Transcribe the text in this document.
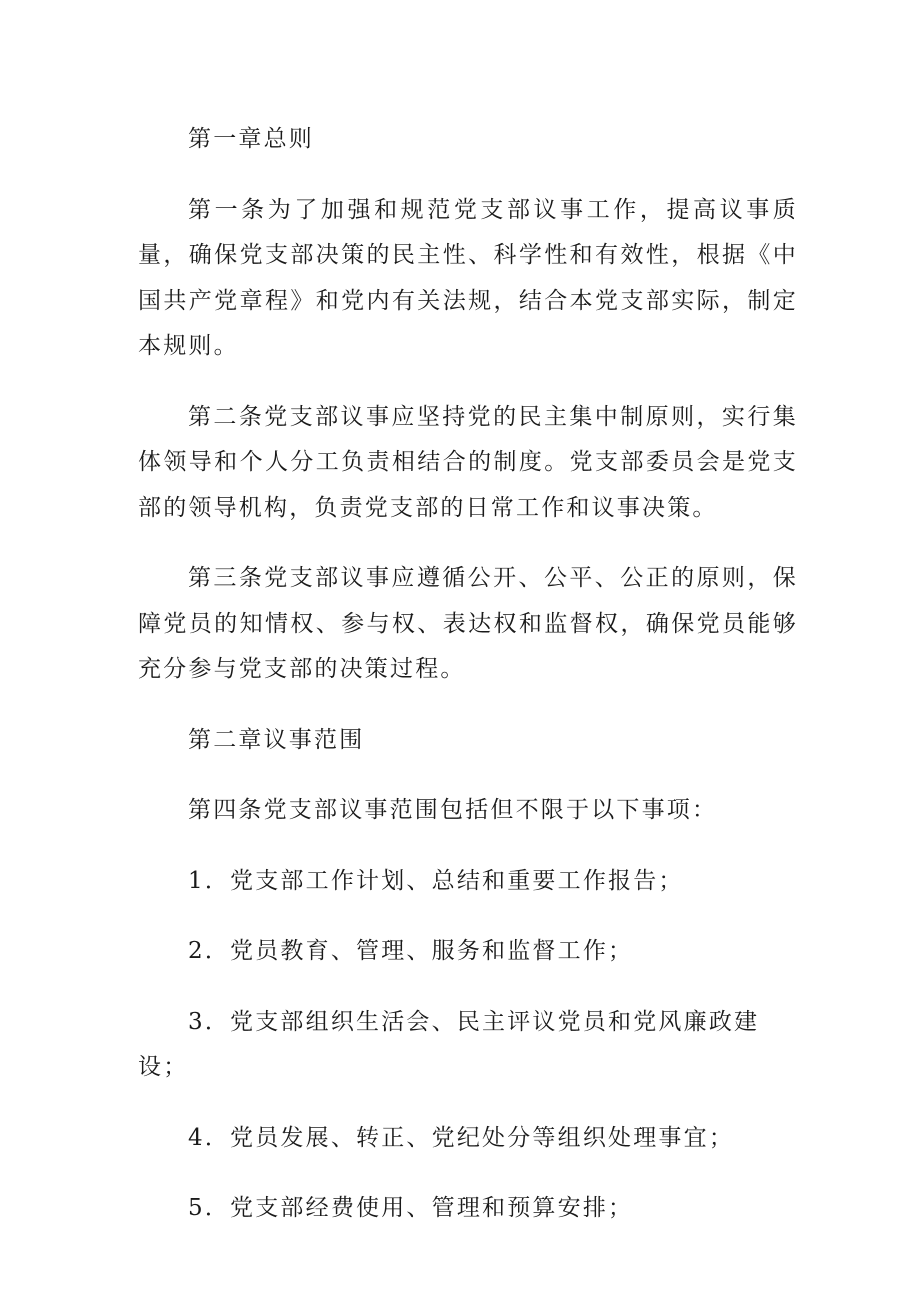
第一章总则

第一条为了加强和规范党支部议事工作，提高议事质量，确保党支部决策的民主性、科学性和有效性，根据《中国共产党章程》和党内有关法规，结合本党支部实际，制定本规则。

第二条党支部议事应坚持党的民主集中制原则，实行集体领导和个人分工负责相结合的制度。党支部委员会是党支部的领导机构，负责党支部的日常工作和议事决策。

第三条党支部议事应遵循公开、公平、公正的原则，保障党员的知情权、参与权、表达权和监督权，确保党员能够充分参与党支部的决策过程。

第二章议事范围

第四条党支部议事范围包括但不限于以下事项：

1．党支部工作计划、总结和重要工作报告；

2．党员教育、管理、服务和监督工作；

3．党支部组织生活会、民主评议党员和党风廉政建设；

4．党员发展、转正、党纪处分等组织处理事宜；

5．党支部经费使用、管理和预算安排；
